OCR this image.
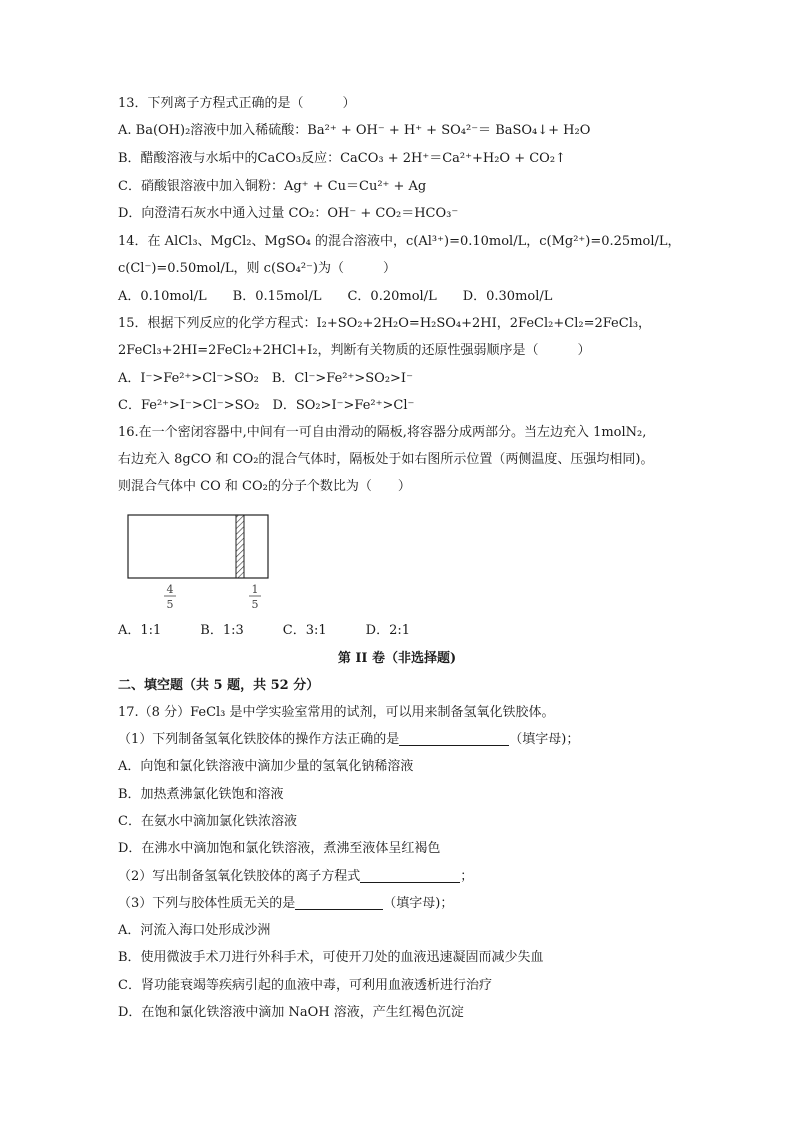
13．下列离子方程式正确的是（　　　）
A. Ba(OH)₂溶液中加入稀硫酸：Ba²⁺ + OH⁻ + H⁺ + SO₄²⁻＝ BaSO₄↓+ H₂O
B．醋酸溶液与水垢中的CaCO₃反应：CaCO₃ + 2H⁺＝Ca²⁺+H₂O + CO₂↑
C．硝酸银溶液中加入铜粉：Ag⁺ + Cu＝Cu²⁺ + Ag
D．向澄清石灰水中通入过量 CO₂：OH⁻ + CO₂＝HCO₃⁻
14．在 AlCl₃、MgCl₂、MgSO₄ 的混合溶液中，c(Al³⁺)=0.10mol/L，c(Mg²⁺)=0.25mol/L，
c(Cl⁻)=0.50mol/L，则 c(SO₄²⁻)为（　　　）
A．0.10mol/L　　B．0.15mol/L　　C．0.20mol/L　　D．0.30mol/L
15．根据下列反应的化学方程式：I₂+SO₂+2H₂O=H₂SO₄+2HI，2FeCl₂+Cl₂=2FeCl₃，
2FeCl₃+2HI=2FeCl₂+2HCl+I₂，判断有关物质的还原性强弱顺序是（　　　）
A．I⁻>Fe²⁺>Cl⁻>SO₂　B．Cl⁻>Fe²⁺>SO₂>I⁻
C．Fe²⁺>I⁻>Cl⁻>SO₂　D．SO₂>I⁻>Fe²⁺>Cl⁻
16.在一个密闭容器中,中间有一可自由滑动的隔板,将容器分成两部分。当左边充入 1molN₂,
右边充入 8gCO 和 CO₂的混合气体时，隔板处于如右图所示位置（两侧温度、压强均相同)。
则混合气体中 CO 和 CO₂的分子个数比为（　　）
4
5
1
5
A．1:1　　　B．1:3　　　C．3:1　　　D．2:1
第 II 卷（非选择题)
二、填空题（共 5 题，共 52 分）
17.（8 分）FeCl₃ 是中学实验室常用的试剂，可以用来制备氢氧化铁胶体。
（1）下列制备氢氧化铁胶体的操作方法正确的是	（填字母)；
A．向饱和氯化铁溶液中滴加少量的氢氧化钠稀溶液
B．加热煮沸氯化铁饱和溶液
C．在氨水中滴加氯化铁浓溶液
D．在沸水中滴加饱和氯化铁溶液，煮沸至液体呈红褐色
（2）写出制备氢氧化铁胶体的离子方程式	；
（3）下列与胶体性质无关的是	（填字母)；
A．河流入海口处形成沙洲
B．使用微波手术刀进行外科手术，可使开刀处的血液迅速凝固而减少失血
C．肾功能衰竭等疾病引起的血液中毒，可利用血液透析进行治疗
D．在饱和氯化铁溶液中滴加 NaOH 溶液，产生红褐色沉淀
